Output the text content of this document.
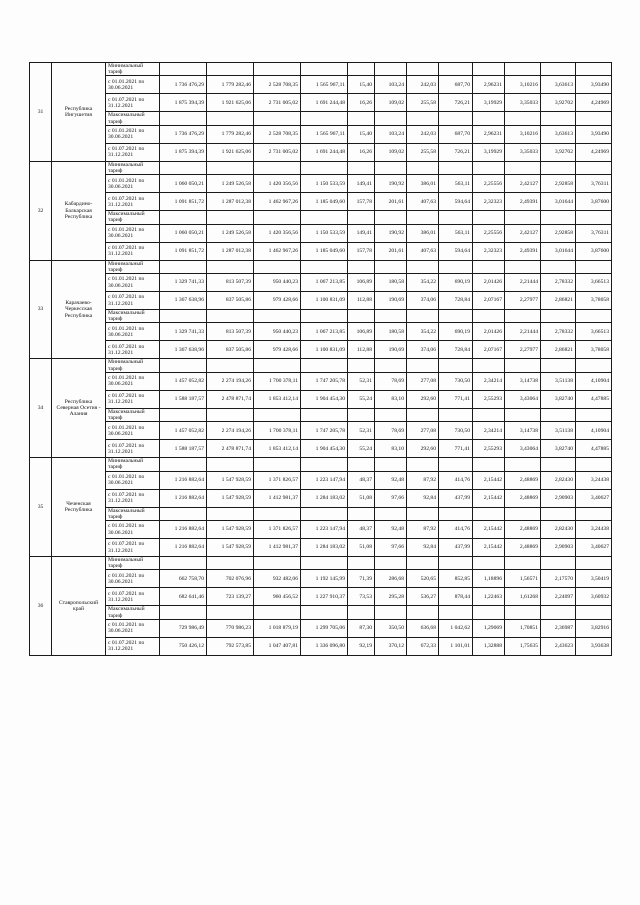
31	Республика Ингушетия	Минимальный тариф												
		с 01.01.2021 по 30.06.2021	1 736 476,29	1 779 282,46	2 528 708,35	1 565 967,11	15,40	103,24	242,03	687,70	2,96231	3,10216	3,63613	3,93490
		с 01.07.2021 по 31.12.2021	1 875 394,39	1 921 625,06	2 731 005,02	1 691 244,48	16,26	109,02	255,58	726,21	3,19929	3,35033	3,92702	4,24969
		Максимальный тариф												
		с 01.01.2021 по 30.06.2021	1 736 476,29	1 779 282,46	2 528 708,35	1 565 967,11	15,40	103,24	242,03	687,70	2,96231	3,10216	3,63613	3,93490
		с 01.07.2021 по 31.12.2021	1 875 394,39	1 921 625,06	2 731 005,02	1 691 244,48	16,26	109,02	255,58	726,21	3,19929	3,35033	3,92702	4,24969
32	Кабардино-Балкарская Республика	Минимальный тариф												
		с 01.01.2021 по 30.06.2021	1 060 050,21	1 249 526,58	1 420 356,56	1 150 533,59	149,41	190,92	386,01	563,11	2,25556	2,42127	2,92858	3,76311
		с 01.07.2021 по 31.12.2021	1 091 851,72	1 287 012,38	1 462 967,26	1 185 049,60	157,78	201,61	407,63	594,64	2,32323	2,49391	3,01644	3,87600
		Максимальный тариф												
		с 01.01.2021 по 30.06.2021	1 060 050,21	1 249 526,58	1 420 356,56	1 150 533,59	149,41	190,92	386,01	563,11	2,25556	2,42127	2,92858	3,76311
		с 01.07.2021 по 31.12.2021	1 091 851,72	1 287 012,38	1 462 967,26	1 185 049,60	157,78	201,61	407,63	594,64	2,32323	2,49391	3,01644	3,87600
33	Карачаево-Черкесская Республика	Минимальный тариф												
		с 01.01.2021 по 30.06.2021	1 329 741,33	813 507,39	950 440,23	1 067 213,85	106,89	180,58	354,22	690,19	2,01426	2,21444	2,78332	3,66513
		с 01.07.2021 по 31.12.2021	1 367 638,96	837 505,86	979 428,66	1 100 831,09	112,88	190,69	374,06	728,84	2,07167	2,27977	2,86821	3,78058
		Максимальный тариф												
		с 01.01.2021 по 30.06.2021	1 329 741,33	813 507,39	950 440,23	1 067 213,85	106,89	180,58	354,22	690,19	2,01426	2,21444	2,78332	3,66513
		с 01.07.2021 по 31.12.2021	1 367 638,96	837 505,86	979 428,66	1 100 831,09	112,88	190,69	374,06	728,84	2,07167	2,27977	2,86821	3,78058
34	Республика Северная Осетия - Алания	Минимальный тариф												
		с 01.01.2021 по 30.06.2021	1 457 052,82	2 274 194,26	1 700 378,11	1 747 205,78	52,31	78,69	277,08	730,50	2,34214	3,14738	3,51138	4,10904
		с 01.07.2021 по 31.12.2021	1 588 187,57	2 478 871,74	1 853 412,14	1 904 454,30	55,24	83,10	292,60	771,41	2,55293	3,43064	3,82740	4,47885
		Максимальный тариф												
		с 01.01.2021 по 30.06.2021	1 457 052,82	2 274 194,26	1 700 378,11	1 747 205,78	52,31	78,69	277,08	730,50	2,34214	3,14738	3,51138	4,10904
		с 01.07.2021 по 31.12.2021	1 588 187,57	2 478 871,74	1 853 412,14	1 904 454,30	55,24	83,10	292,60	771,41	2,55293	3,43064	3,82740	4,47885
35	Чеченская Республика	Минимальный тариф												
		с 01.01.2021 по 30.06.2021	1 216 882,64	1 547 928,59	1 371 826,57	1 223 147,94	48,37	92,48	87,92	414,76	2,15442	2,48869	2,82430	3,24438
		с 01.07.2021 по 31.12.2021	1 216 882,64	1 547 928,59	1 412 981,37	1 284 183,02	51,08	97,66	92,84	437,99	2,15442	2,48869	2,90903	3,40627
		Максимальный тариф												
		с 01.01.2021 по 30.06.2021	1 216 882,64	1 547 928,59	1 371 826,57	1 223 147,94	48,37	92,48	87,92	414,76	2,15442	2,48869	2,82430	3,24438
		с 01.07.2021 по 31.12.2021	1 216 882,64	1 547 928,59	1 412 981,37	1 284 183,02	51,08	97,66	92,84	437,99	2,15442	2,48869	2,90903	3,40627
36	Ставропольский край	Минимальный тариф												
		с 01.01.2021 по 30.06.2021	662 758,70	702 076,96	932 482,06	1 192 145,99	71,39	286,68	520,65	852,85	1,18896	1,56571	2,17570	3,50419
		с 01.07.2021 по 31.12.2021	682 641,46	723 139,27	960 456,52	1 227 910,37	73,53	295,28	536,27	878,44	1,22463	1,61268	2,24097	3,60932
		Максимальный тариф												
		с 01.01.2021 по 30.06.2021	729 986,49	770 986,23	1 018 879,19	1 299 705,06	87,30	350,50	636,68	1 042,62	1,29069	1,70851	2,36987	3,82916
		с 01.07.2021 по 31.12.2021	750 426,12	792 573,85	1 047 407,81	1 336 096,80	92,19	370,12	672,33	1 101,01	1,32888	1,75635	2,43623	3,93638
